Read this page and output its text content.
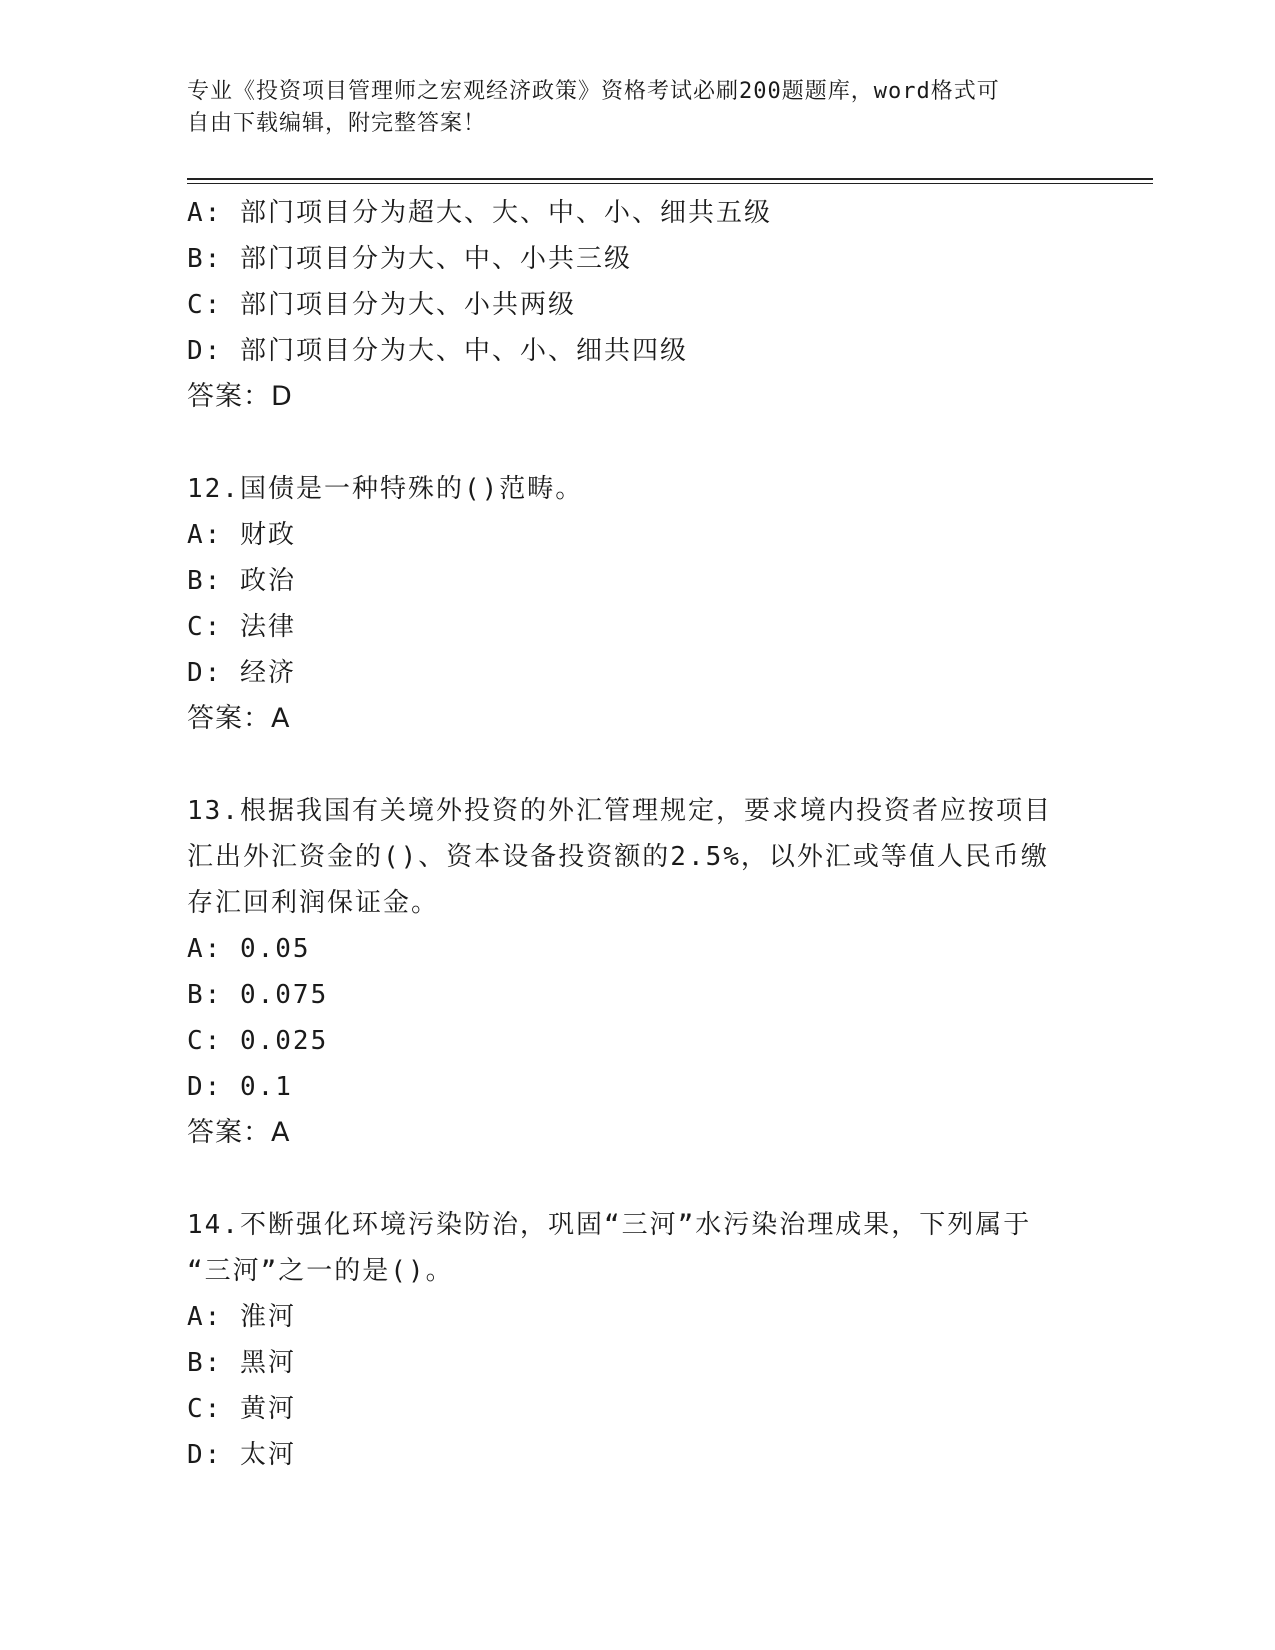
专业《投资项目管理师之宏观经济政策》资格考试必刷200题题库，word格式可
自由下载编辑，附完整答案！
A: 部门项目分为超大、大、中、小、细共五级
B: 部门项目分为大、中、小共三级
C: 部门项目分为大、小共两级
D: 部门项目分为大、中、小、细共四级
答案：D
12.国债是一种特殊的()范畴。
A: 财政
B: 政治
C: 法律
D: 经济
答案：A
13.根据我国有关境外投资的外汇管理规定，要求境内投资者应按项目
汇出外汇资金的()、资本设备投资额的2.5%，以外汇或等值人民币缴
存汇回利润保证金。
A: 0.05
B: 0.075
C: 0.025
D: 0.1
答案：A
14.不断强化环境污染防治，巩固“三河”水污染治理成果，下列属于
“三河”之一的是()。
A: 淮河
B: 黑河
C: 黄河
D: 太河
